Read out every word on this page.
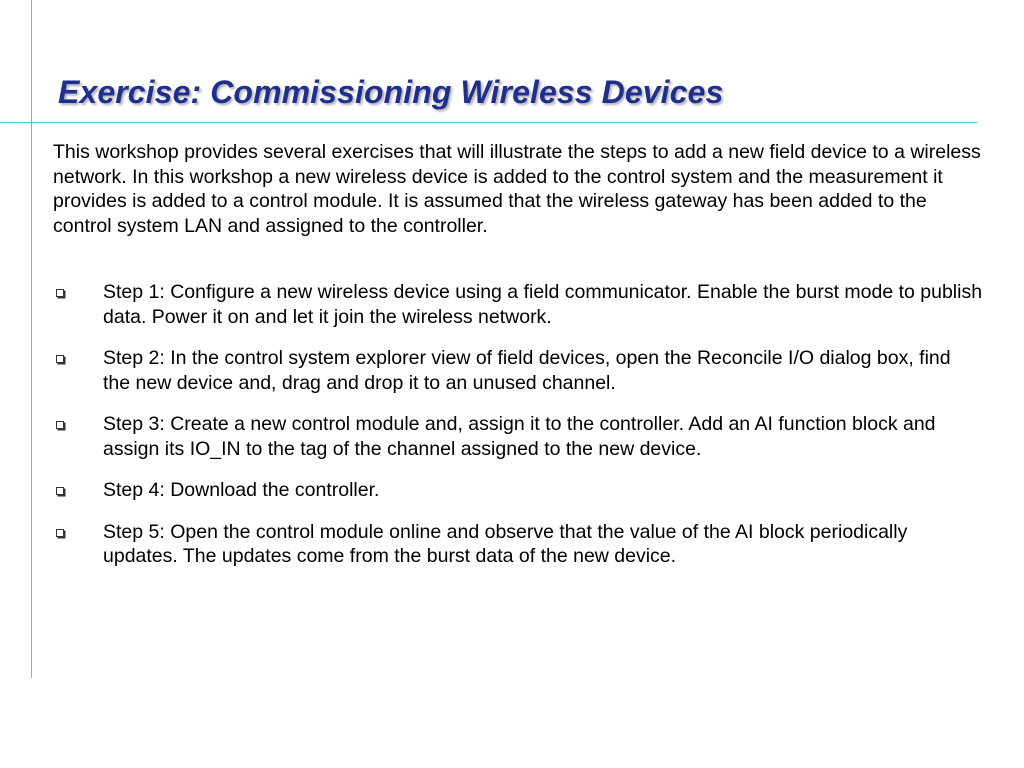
Exercise: Commissioning Wireless Devices

This workshop provides several exercises that will illustrate the steps to add a new field device to a wireless network. In this workshop a new wireless device is added to the control system and the measurement it provides is added to a control module. It is assumed that the wireless gateway has been added to the control system LAN and assigned to the controller.

Step 1: Configure a new wireless device using a field communicator. Enable the burst mode to publish data. Power it on and let it join the wireless network.
Step 2: In the control system explorer view of field devices, open the Reconcile I/O dialog box, find the new device and, drag and drop it to an unused channel.
Step 3: Create a new control module and, assign it to the controller. Add an AI function block and assign its IO_IN to the tag of the channel assigned to the new device.
Step 4: Download the controller.
Step 5: Open the control module online and observe that the value of the AI block periodically updates. The updates come from the burst data of the new device.
